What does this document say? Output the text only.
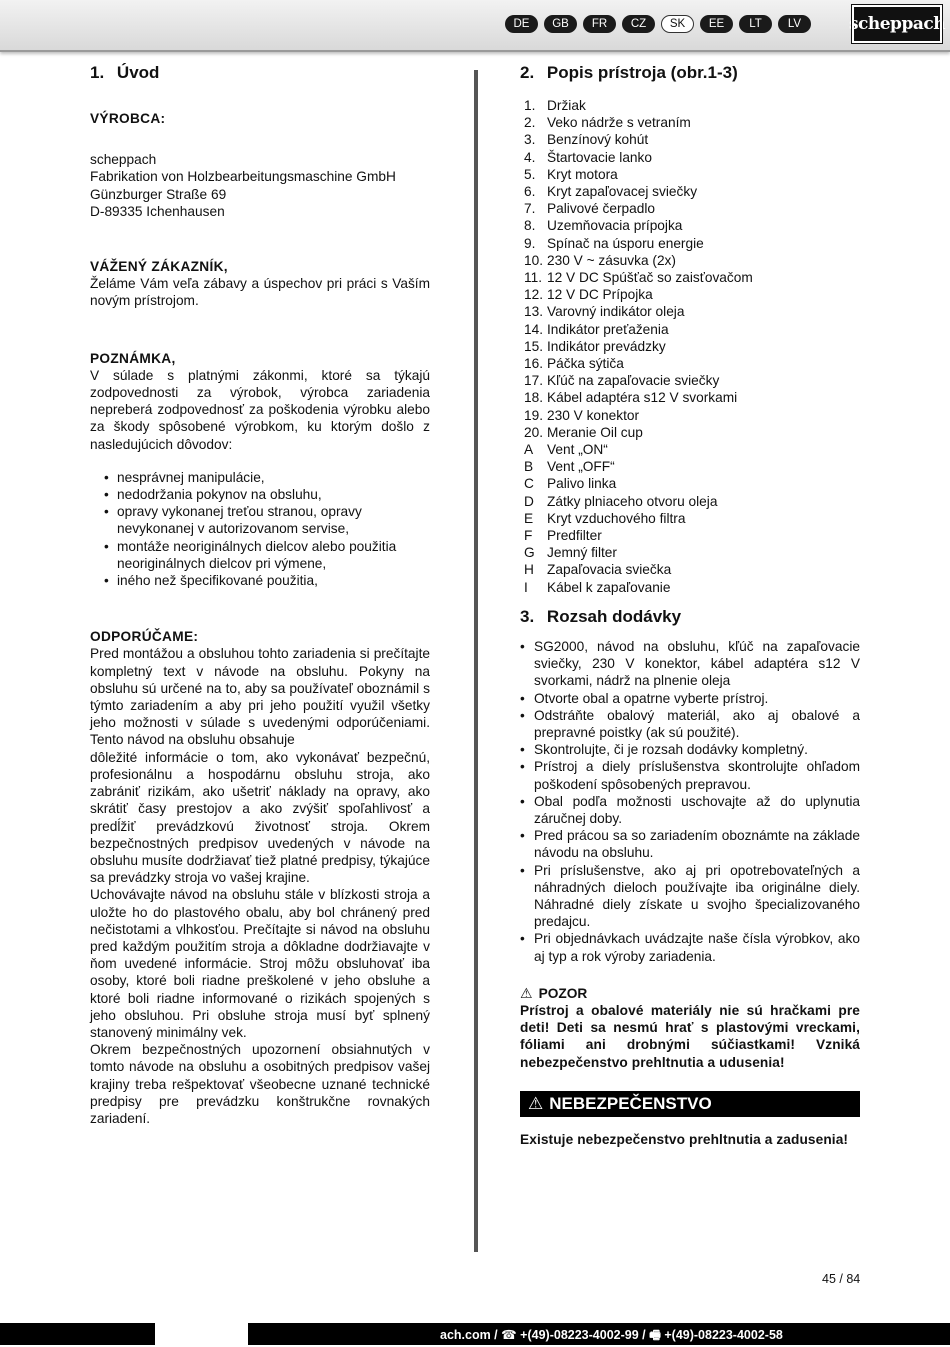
DE	GB	FR	CZ	SK	EE	LT	LV	scheppach
1. Úvod

VÝROBCA:

scheppach
Fabrikation von Holzbearbeitungsmaschine GmbH
Günzburger Straße 69
D-89335 Ichenhausen

VÁŽENÝ ZÁKAZNÍK,

Želáme Vám veľa zábavy a úspechov pri práci s Vaším novým prístrojom.

POZNÁMKA,

V súlade s platnými zákonmi, ktoré sa týkajú zodpovednosti za výrobok, výrobca zariadenia nepreberá zodpovednosť za poškodenia výrobku alebo za škody spôsobené výrobkom, ku ktorým došlo z nasledujúcich dôvodov:

• nesprávnej manipulácie,
• nedodržania pokynov na obsluhu,
• opravy vykonanej treťou stranou, opravy nevykonanej v autorizovanom servise,
• montáže neoriginálnych dielcov alebo použitia neoriginálnych dielcov pri výmene,
• iného než špecifikované použitia,

ODPORÚČAME:

Pred montážou a obsluhou tohto zariadenia si prečítajte kompletný text v návode na obsluhu. Pokyny na obsluhu sú určené na to, aby sa používateľ oboznámil s týmto zariadením a aby pri jeho použití využil všetky jeho možnosti v súlade s uvedenými odporúčeniami. Tento návod na obsluhu obsahuje

dôležité informácie o tom, ako vykonávať bezpečnú, profesionálnu a hospodárnu obsluhu stroja, ako zabrániť rizikám, ako ušetriť náklady na opravy, ako skrátiť časy prestojov a ako zvýšiť spoľahlivosť a predĺžiť prevádzkovú životnosť stroja. Okrem bezpečnostných predpisov uvedených v návode na obsluhu musíte dodržiavať tiež platné predpisy, týkajúce sa prevádzky stroja vo vašej krajine.

Uchovávajte návod na obsluhu stále v blízkosti stroja a uložte ho do plastového obalu, aby bol chránený pred nečistotami a vlhkosťou. Prečítajte si návod na obsluhu pred každým použitím stroja a dôkladne dodržiavajte v ňom uvedené informácie. Stroj môžu obsluhovať iba osoby, ktoré boli riadne preškolené v jeho obsluhe a ktoré boli riadne informované o rizikách spojených s jeho obsluhou. Pri obsluhe stroja musí byť splnený stanovený minimálny vek.

Okrem bezpečnostných upozornení obsiahnutých v tomto návode na obsluhu a osobitných predpisov vašej krajiny treba rešpektovať všeobecne uznané technické predpisy pre prevádzku konštrukčne rovnakých zariadení.

2. Popis prístroja (obr.1-3)
1. Držiak
2. Veko nádrže s vetraním
3. Benzínový kohút
4. Štartovacie lanko
5. Kryt motora
6. Kryt zapaľovacej sviečky
7. Palivové čerpadlo
8. Uzemňovacia prípojka
9. Spínač na úsporu energie
10. 230 V ~ zásuvka (2x)
11. 12 V DC Spúšťač so zaisťovačom
12. 12 V DC Prípojka
13. Varovný indikátor oleja
14. Indikátor preťaženia
15. Indikátor prevádzky
16. Páčka sýtiča
17. Kľúč na zapaľovacie sviečky
18. Kábel adaptéra s12 V svorkami
19. 230 V konektor
20. Meranie Oil cup
A	Vent „ON“
B	Vent „OFF“
C Palivo linka
D Zátky plniaceho otvoru oleja
E	Kryt vzduchového filtra
F	Predfilter
G Jemný filter
H Zapaľovacia sviečka
I	Kábel k zapaľovanie
3. Rozsah dodávky
• SG2000, návod na obsluhu, kľúč na zapaľovacie sviečky, 230 V konektor, kábel adaptéra s12 V svorkami, nádrž na plnenie oleja
• Otvorte obal a opatrne vyberte prístroj.
• Odstráňte obalový materiál, ako aj obalové a prepravné poistky (ak sú použité).
• Skontrolujte, či je rozsah dodávky kompletný.
• Prístroj a diely príslušenstva skontrolujte ohľadom poškodení spôsobených prepravou.
• Obal podľa možnosti uschovajte až do uplynutia záručnej doby.
• Pred prácou sa so zariadením oboznámte na základe návodu na obsluhu.
• Pri príslušenstve, ako aj pri opotrebovateľných a náhradných dieloch používajte iba originálne diely. Náhradné diely získate u svojho špecializovaného predajcu.
• Pri objednávkach uvádzajte naše čísla výrobkov, ako aj typ a rok výroby zariadenia.
⚠ POZOR

Prístroj a obalové materiály nie sú hračkami pre deti! Deti sa nesmú hrať s plastovými vreckami, fóliami ani drobnými súčiastkami! Vzniká nebezpečenstvo prehltnutia a udusenia!

⚠ NEBEZPEČENSTVO

Existuje nebezpečenstvo prehltnutia a zadusenia!

45 / 84
ach.com / ☎ +(49)-08223-4002-99 / 🖷 +(49)-08223-4002-58
